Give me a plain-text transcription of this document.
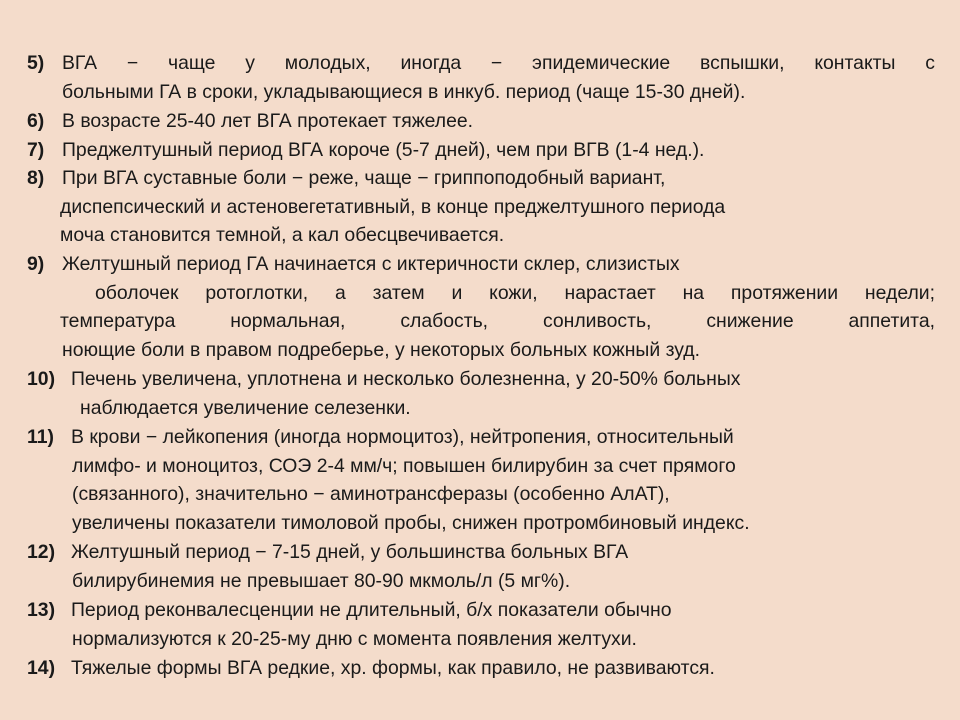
5) ВГА − чаще у молодых, иногда − эпидемические вспышки, контакты с
больными ГА в сроки, укладывающиеся в инкуб. период (чаще 15-30 дней).
6) В возрасте 25-40 лет ВГА протекает тяжелее.
7) Преджелтушный период ВГА короче (5-7 дней), чем при ВГВ (1-4 нед.).
8) При ВГА суставные боли − реже, чаще − гриппоподобный вариант,
диспепсический и астеновегетативный, в конце преджелтушного периода
моча становится темной, а кал обесцвечивается.
9) Желтушный период ГА начинается с иктеричности склер, слизистых
оболочек ротоглотки, а затем и кожи, нарастает на протяжении недели;
температура нормальная, слабость, сонливость, снижение аппетита,
ноющие боли в правом подреберье, у некоторых больных кожный зуд.
10) Печень увеличена, уплотнена и несколько болезненна, у 20-50% больных
наблюдается увеличение селезенки.
11) В крови − лейкопения (иногда нормоцитоз), нейтропения, относительный
лимфо- и моноцитоз, СОЭ 2-4 мм/ч; повышен билирубин за счет прямого
(связанного), значительно − аминотрансферазы (особенно АлАТ),
увеличены показатели тимоловой пробы, снижен протромбиновый индекс.
12) Желтушный период − 7-15 дней, у большинства больных ВГА
билирубинемия не превышает 80-90 мкмоль/л (5 мг%).
13) Период реконвалесценции не длительный, б/х показатели обычно
нормализуются к 20-25-му дню с момента появления желтухи.
14) Тяжелые формы ВГА редкие, хр. формы, как правило, не развиваются.
